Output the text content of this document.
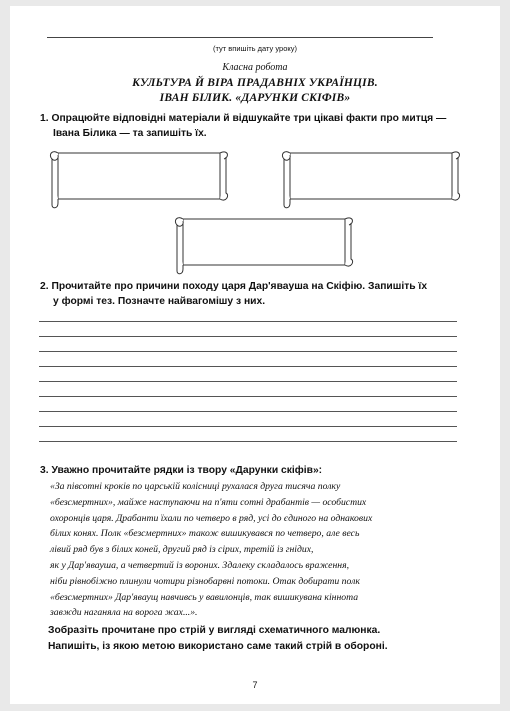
(тут впишіть дату уроку)
Класна робота
КУЛЬТУРА Й ВІРА ПРАДАВНІХ УКРАЇНЦІВ.
ІВАН БІЛИК. «ДАРУНКИ СКІФІВ»
1. Опрацюйте відповідні матеріали й відшукайте три цікаві факти про митця —
Івана Білика — та запишіть їх.
2. Прочитайте про причини походу царя Дар'явауша на Скіфію. Запишіть їх
у формі тез. Позначте найвагомішу з них.
3. Уважно прочитайте рядки із твору «Дарунки скіфів»:
«За півсотні кроків по царській колісниці рухалася друга тисяча полку
«безсмертних», майже наступаючи на п'яти сотні драбантів — особистих
охоронців царя. Драбанти їхали по четверо в ряд, усі до єдиного на однакових
білих конях. Полк «безсмертних» також вишикувався по четверо, але весь
лівий ряд був з білих коней, другий ряд із сірих, третій із гнідих,
як у Дар'явауша, а четвертий із вороних. Здалеку складалось враження,
ніби рівнобіжно плинули чотири різнобарвні потоки. Отак добирати полк
«безсмертних» Дар'яваущ навчивсь у вавилонців, так вишикувана кіннота
завжди наганяла на ворога жах...».
Зобразіть прочитане про стрій у вигляді схематичного малюнка.
Напишіть, із якою метою використано саме такий стрій в обороні.
7
